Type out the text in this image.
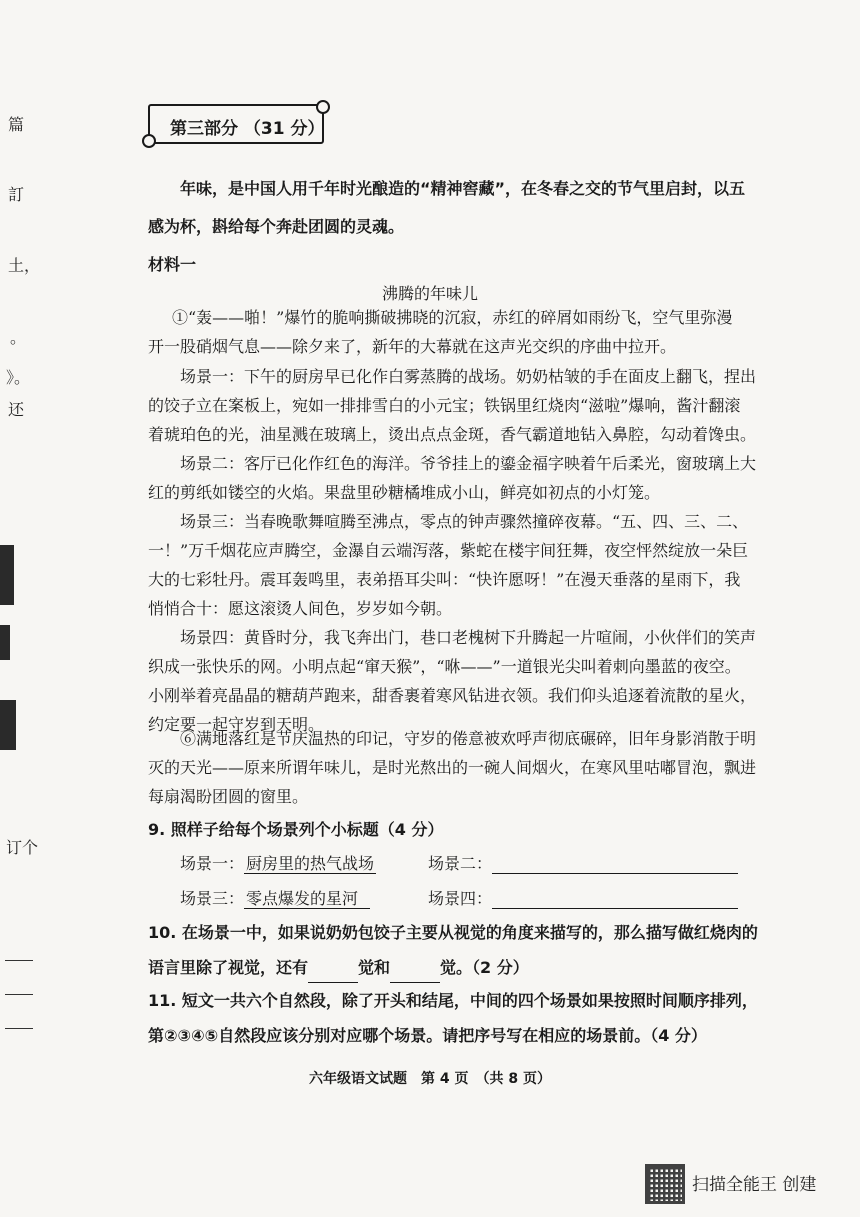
篇
訂
土，
。
》。
还
订个
第三部分 （31 分）
年味，是中国人用千年时光酿造的“精神窖藏”，在冬春之交的节气里启封，以五
感为杯，斟给每个奔赴团圆的灵魂。
材料一
沸腾的年味儿
①“轰——啪！”爆竹的脆响撕破拂晓的沉寂，赤红的碎屑如雨纷飞，空气里弥漫
开一股硝烟气息——除夕来了，新年的大幕就在这声光交织的序曲中拉开。
场景一：下午的厨房早已化作白雾蒸腾的战场。奶奶枯皱的手在面皮上翻飞，捏出
的饺子立在案板上，宛如一排排雪白的小元宝；铁锅里红烧肉“滋啦”爆响，酱汁翻滚
着琥珀色的光，油星溅在玻璃上，烫出点点金斑，香气霸道地钻入鼻腔，勾动着馋虫。
场景二：客厅已化作红色的海洋。爷爷挂上的鎏金福字映着午后柔光，窗玻璃上大
红的剪纸如镂空的火焰。果盘里砂糖橘堆成小山，鲜亮如初点的小灯笼。
场景三：当春晚歌舞喧腾至沸点，零点的钟声骤然撞碎夜幕。“五、四、三、二、
一！”万千烟花应声腾空，金瀑自云端泻落，紫蛇在楼宇间狂舞，夜空怦然绽放一朵巨
大的七彩牡丹。震耳轰鸣里，表弟捂耳尖叫：“快许愿呀！”在漫天垂落的星雨下，我
悄悄合十：愿这滚烫人间色，岁岁如今朝。
场景四：黄昏时分，我飞奔出门，巷口老槐树下升腾起一片喧闹，小伙伴们的笑声
织成一张快乐的网。小明点起“窜天猴”，“咻——”一道银光尖叫着刺向墨蓝的夜空。
小刚举着亮晶晶的糖葫芦跑来，甜香裹着寒风钻进衣领。我们仰头追逐着流散的星火，
约定要一起守岁到天明。
⑥满地落红是节庆温热的印记，守岁的倦意被欢呼声彻底碾碎，旧年身影消散于明
灭的天光——原来所谓年味儿，是时光熬出的一碗人间烟火，在寒风里咕嘟冒泡，飘进
每扇渴盼团圆的窗里。
9. 照样子给每个场景列个小标题（4 分）
场景一： 厨房里的热气战场	场景二：
场景三： 零点爆发的星河	场景四：
10. 在场景一中，如果说奶奶包饺子主要从视觉的角度来描写的，那么描写做红烧肉的
语言里除了视觉，还有	觉和	觉。（2 分）
11. 短文一共六个自然段，除了开头和结尾，中间的四个场景如果按照时间顺序排列，
第②③④⑤自然段应该分别对应哪个场景。请把序号写在相应的场景前。（4 分）
六年级语文试题　第 4 页　（共 8 页）
扫描全能王 创建
